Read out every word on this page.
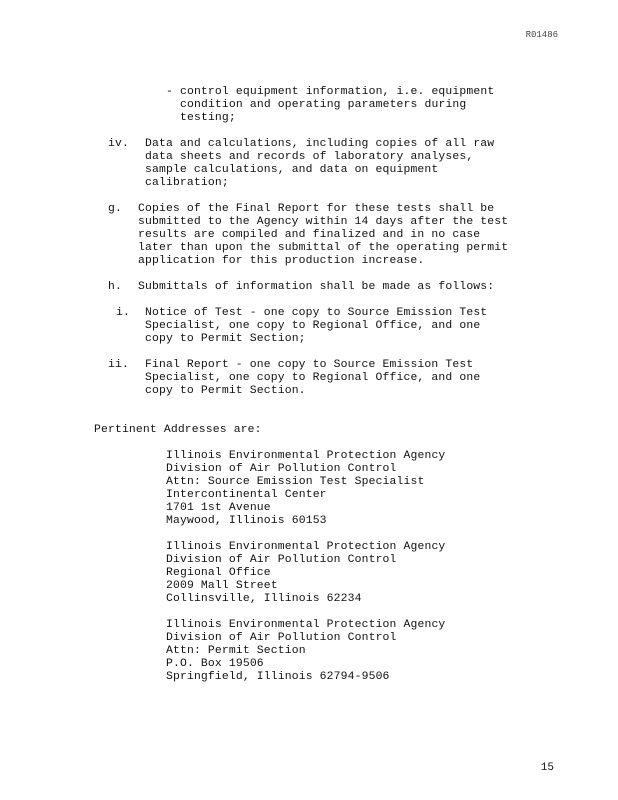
R01486
- control equipment information, i.e. equipment
condition and operating parameters during
testing;
iv. Data and calculations, including copies of all raw
data sheets and records of laboratory analyses,
sample calculations, and data on equipment
calibration;
g. Copies of the Final Report for these tests shall be
submitted to the Agency within 14 days after the test
results are compiled and finalized and in no case
later than upon the submittal of the operating permit
application for this production increase.
h. Submittals of information shall be made as follows:
i. Notice of Test - one copy to Source Emission Test
Specialist, one copy to Regional Office, and one
copy to Permit Section;
ii. Final Report - one copy to Source Emission Test
Specialist, one copy to Regional Office, and one
copy to Permit Section.
Pertinent Addresses are:
Illinois Environmental Protection Agency
Division of Air Pollution Control
Attn: Source Emission Test Specialist
Intercontinental Center
1701 1st Avenue
Maywood, Illinois 60153
Illinois Environmental Protection Agency
Division of Air Pollution Control
Regional Office
2009 Mall Street
Collinsville, Illinois 62234
Illinois Environmental Protection Agency
Division of Air Pollution Control
Attn: Permit Section
P.O. Box 19506
Springfield, Illinois 62794-9506
15
